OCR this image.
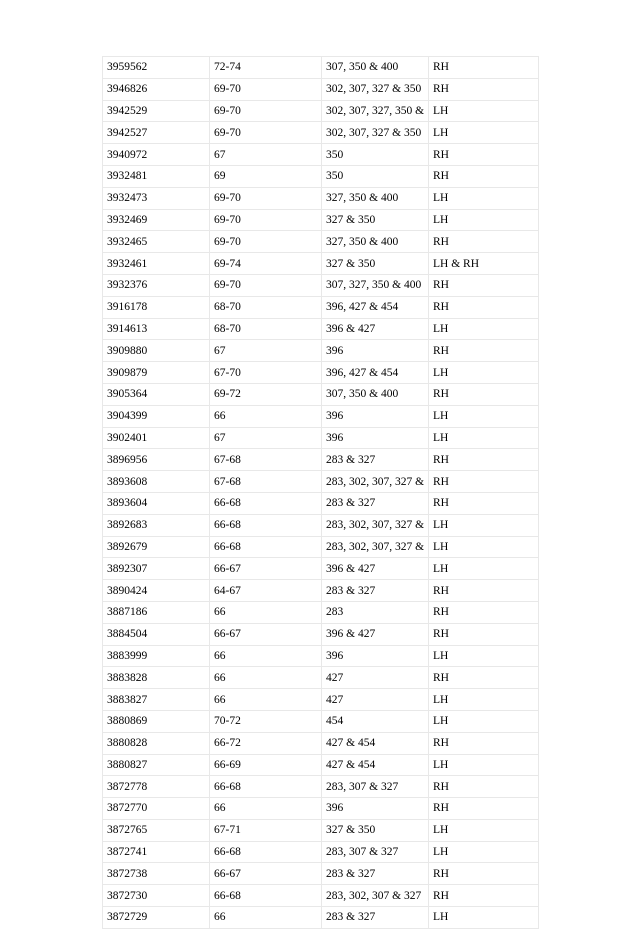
3959562	72-74	307, 350 & 400	RH
3946826	69-70	302, 307, 327 & 350	RH
3942529	69-70	302, 307, 327, 350 &	LH
3942527	69-70	302, 307, 327 & 350	LH
3940972	67	350	RH
3932481	69	350	RH
3932473	69-70	327, 350 & 400	LH
3932469	69-70	327 & 350	LH
3932465	69-70	327, 350 & 400	RH
3932461	69-74	327 & 350	LH & RH
3932376	69-70	307, 327, 350 & 400	RH
3916178	68-70	396, 427 & 454	RH
3914613	68-70	396 & 427	LH
3909880	67	396	RH
3909879	67-70	396, 427 & 454	LH
3905364	69-72	307, 350 & 400	RH
3904399	66	396	LH
3902401	67	396	LH
3896956	67-68	283 & 327	RH
3893608	67-68	283, 302, 307, 327 &	RH
3893604	66-68	283 & 327	RH
3892683	66-68	283, 302, 307, 327 &	LH
3892679	66-68	283, 302, 307, 327 &	LH
3892307	66-67	396 & 427	LH
3890424	64-67	283 & 327	RH
3887186	66	283	RH
3884504	66-67	396 & 427	RH
3883999	66	396	LH
3883828	66	427	RH
3883827	66	427	LH
3880869	70-72	454	LH
3880828	66-72	427 & 454	RH
3880827	66-69	427 & 454	LH
3872778	66-68	283, 307 & 327	RH
3872770	66	396	RH
3872765	67-71	327 & 350	LH
3872741	66-68	283, 307 & 327	LH
3872738	66-67	283 & 327	RH
3872730	66-68	283, 302, 307 & 327	RH
3872729	66	283 & 327	LH
